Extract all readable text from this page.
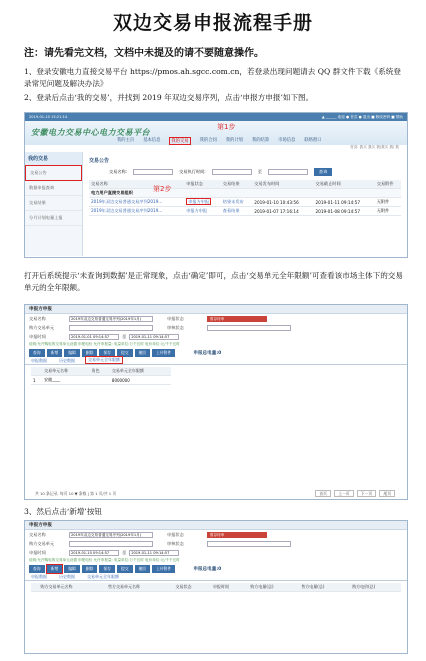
双边交易申报流程手册
注：请先看完文档，文档中未提及的请不要随意操作。
1、登录安徽电力直接交易平台 https://pmos.ah.sgcc.com.cn，若登录出现问题请去 QQ 群文件下载《系统登录常见问题及解决办法》
2、登录后点击‘我的交易’，并找到 2019 年双边交易序列，点击‘申报方申报’如下图。
2019-01-10 15:21:14	▲ ______ 欢迎 ● 首页 ● 退出 ■ 修改密码 ■ 帮助
安徽电力交易中心电力交易平台
第1步
我的主页 基本信息	我的交易	我的合同 我的计划 我的结算 市场信息 联络窗口
首页: 我买 我买 我/我买 我/ 我
我的交易
交易公告
数据申报查询
交易结果
分月计划电量上报
交易公告
交易名称:	交易执行时间:	至	查询
第2步
交易名称	申报状态	交易结果	交易发布时间	交易截止时间	交易附件
电力用户直接交易组织					
2019年双边交易普通交易序列2019...	申报方申报	结果未发布	2019-01-10 10:43:56	2019-01-11 09:14:57	无附件
2019年双边交易普通交易序列2019...	申报方申报	查看结果	2019-01-07 17:16:14	2019-01-08 09:14:57	无附件
打开后系统提示‘未查询到数据’是正常现象，点击‘确定’即可，点击‘交易单元全年限额’可查看该市场主体下的交易单元的全年限额。
申报方申报
交易名称	2019年双边交易普通交易序列(2019年1月)	申报状态	暂存待审
购方交易单元	审核状态
申报时间	2019-01-01 09:14:57	至	2019-01-11 09:14:57
说明:允许购电的交易单元设置 申报电价 允许申报量: 电量单位:万千瓦时 电价单位:元/千千瓦时
查询	新增	编辑	删除	保存	提交	撤回	上传附件	申报总电量:0
申报数据	历史数据	交易单元全年限额
	交易单元名称	角色	交易单元全年限额
1	安徽____		8000000
共 10 条记录, 每页 10 ▼ 条数 | 第 1 页/共 1 页	首页	上一页	下一页	尾页
3、然后点击‘新增’按钮
申报方申报
交易名称	2019年双边交易普通交易序列(2019年1月)	申报状态	暂存待审
购方交易单元	审核状态
申报时间	2019-01-10 09:14:57	至	2019-01-11 09:14:57
说明:允许购电的交易单元设置 申报电价 允许申报量: 电量单位:万千瓦时 电价单位:元/千千瓦时
查询	新增	编辑	删除	保存	提交	撤回	上传附件	申报总电量:0
申报数据	历史数据	交易单元全年限额
	购方交易单元名称	售方交易单元名称	交易状态	申报时间	购方电量(总)	售方电量(总)	购方电价(总)
